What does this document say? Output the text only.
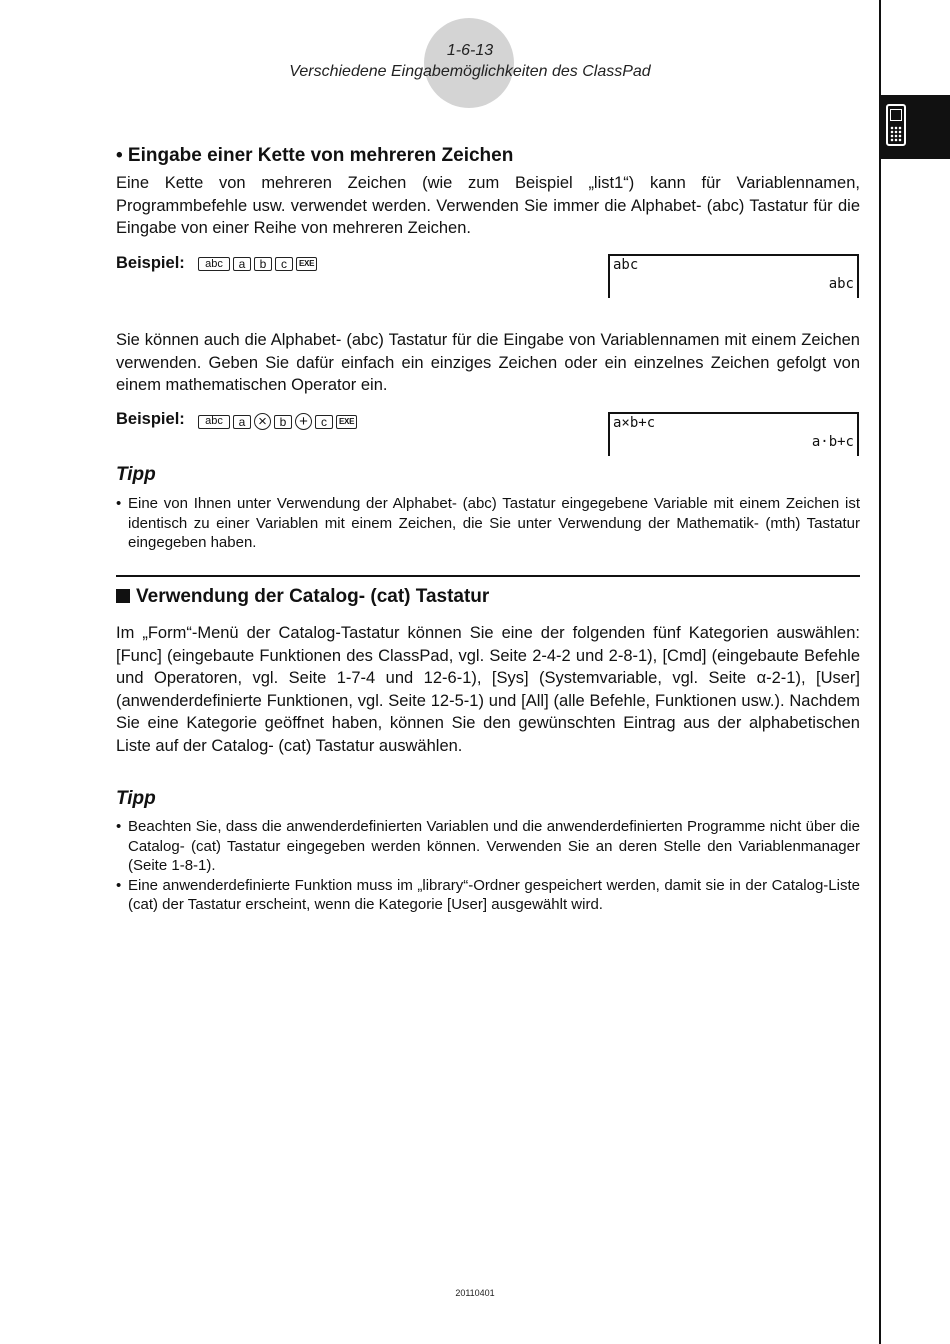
1-6-13
Verschiedene Eingabemöglichkeiten des ClassPad
• Eingabe einer Kette von mehreren Zeichen
Eine Kette von mehreren Zeichen (wie zum Beispiel „list1“) kann für Variablennamen, Programmbefehle usw. verwendet werden. Verwenden Sie immer die Alphabet- (abc) Tastatur für die Eingabe von einer Reihe von mehreren Zeichen.
Beispiel:	abc	a	b	c	EXE	abc
abc
Sie können auch die Alphabet- (abc) Tastatur für die Eingabe von Variablennamen mit einem Zeichen verwenden. Geben Sie dafür einfach ein einziges Zeichen oder ein einzelnes Zeichen gefolgt von einem mathematischen Operator ein.
Beispiel:	abc	a ×	b +	c	EXE	a×b+c
a·b+c
Tipp
• Eine von Ihnen unter Verwendung der Alphabet- (abc) Tastatur eingegebene Variable mit einem Zeichen ist identisch zu einer Variablen mit einem Zeichen, die Sie unter Verwendung der Mathematik- (mth) Tastatur eingegeben haben.
Verwendung der Catalog- (cat) Tastatur
Im „Form“-Menü der Catalog-Tastatur können Sie eine der folgenden fünf Kategorien auswählen: [Func] (eingebaute Funktionen des ClassPad, vgl. Seite 2-4-2 und 2-8-1), [Cmd] (eingebaute Befehle und Operatoren, vgl. Seite 1-7-4 und 12-6-1), [Sys] (Systemvariable, vgl. Seite α-2-1), [User] (anwenderdefinierte Funktionen, vgl. Seite 12-5-1) und [All] (alle Befehle, Funktionen usw.). Nachdem Sie eine Kategorie geöffnet haben, können Sie den gewünschten Eintrag aus der alphabetischen Liste auf der Catalog- (cat) Tastatur auswählen.
Tipp
• Beachten Sie, dass die anwenderdefinierten Variablen und die anwenderdefinierten Programme nicht über die Catalog- (cat) Tastatur eingegeben werden können. Verwenden Sie an deren Stelle den Variablenmanager (Seite 1-8-1).
• Eine anwenderdefinierte Funktion muss im „library“-Ordner gespeichert werden, damit sie in der Catalog-Liste (cat) der Tastatur erscheint, wenn die Kategorie [User] ausgewählt wird.
20110401
